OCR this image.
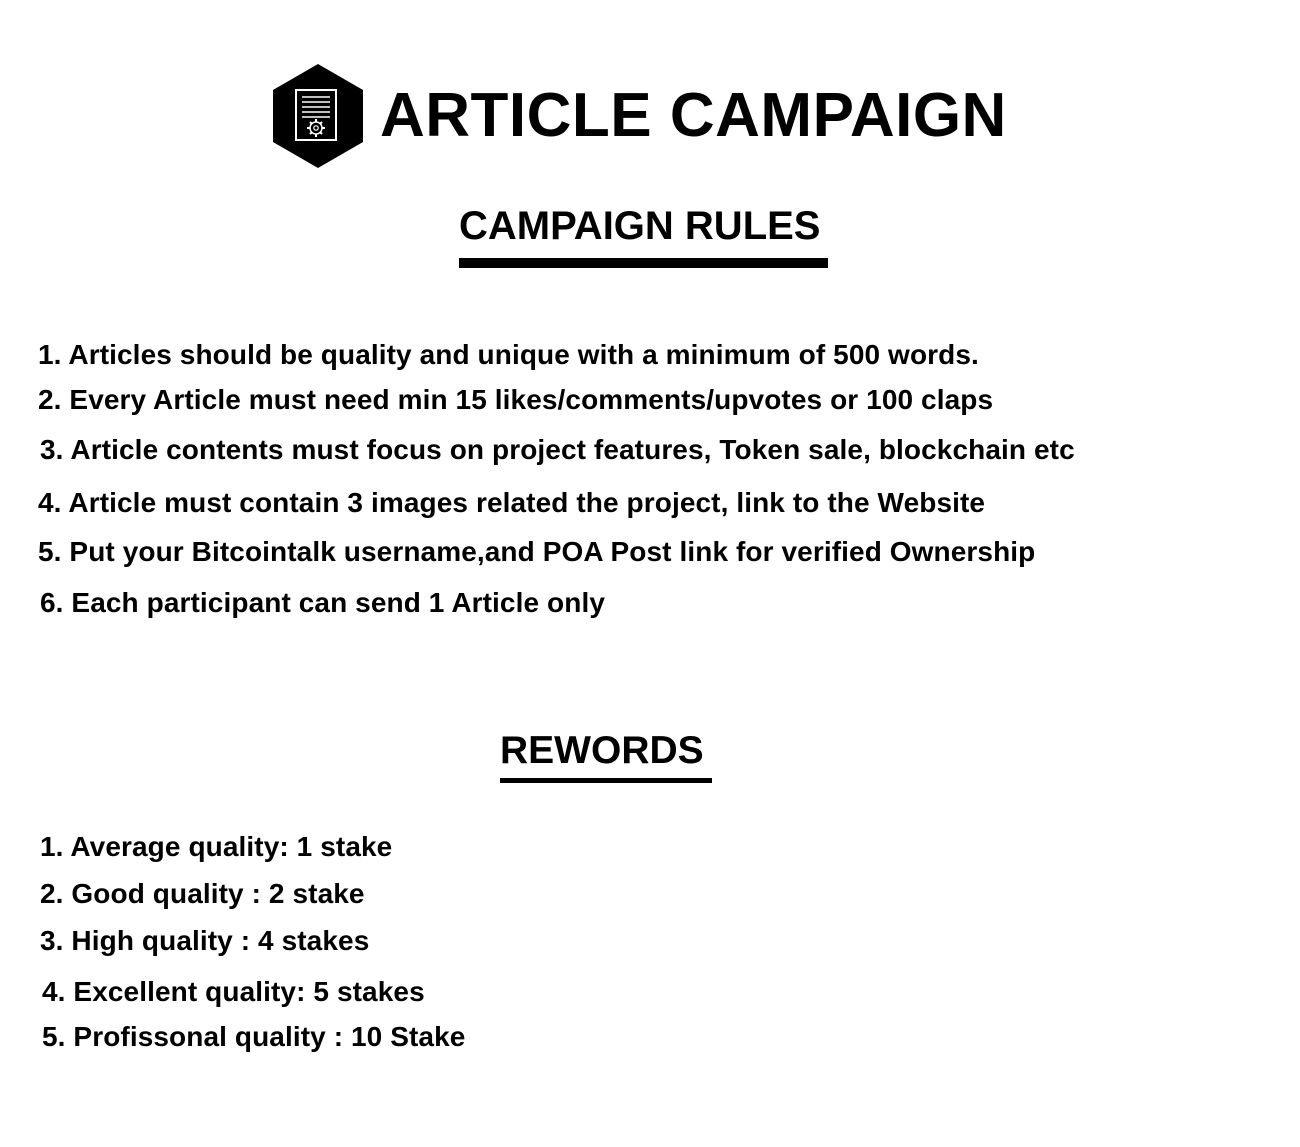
ARTICLE CAMPAIGN
CAMPAIGN RULES
1. Articles should be quality and unique with a minimum of 500 words.
2. Every Article must need min 15 likes/comments/upvotes or 100 claps
3. Article contents must focus on project features, Token sale, blockchain etc
4. Article must contain 3 images related the project, link to the Website
5. Put your Bitcointalk username,and POA Post link for verified Ownership
6. Each participant can send 1 Article only
REWORDS
1. Average quality: 1 stake
2. Good quality : 2 stake
3. High quality : 4 stakes
4. Excellent quality: 5 stakes
5. Profissonal quality : 10 Stake
